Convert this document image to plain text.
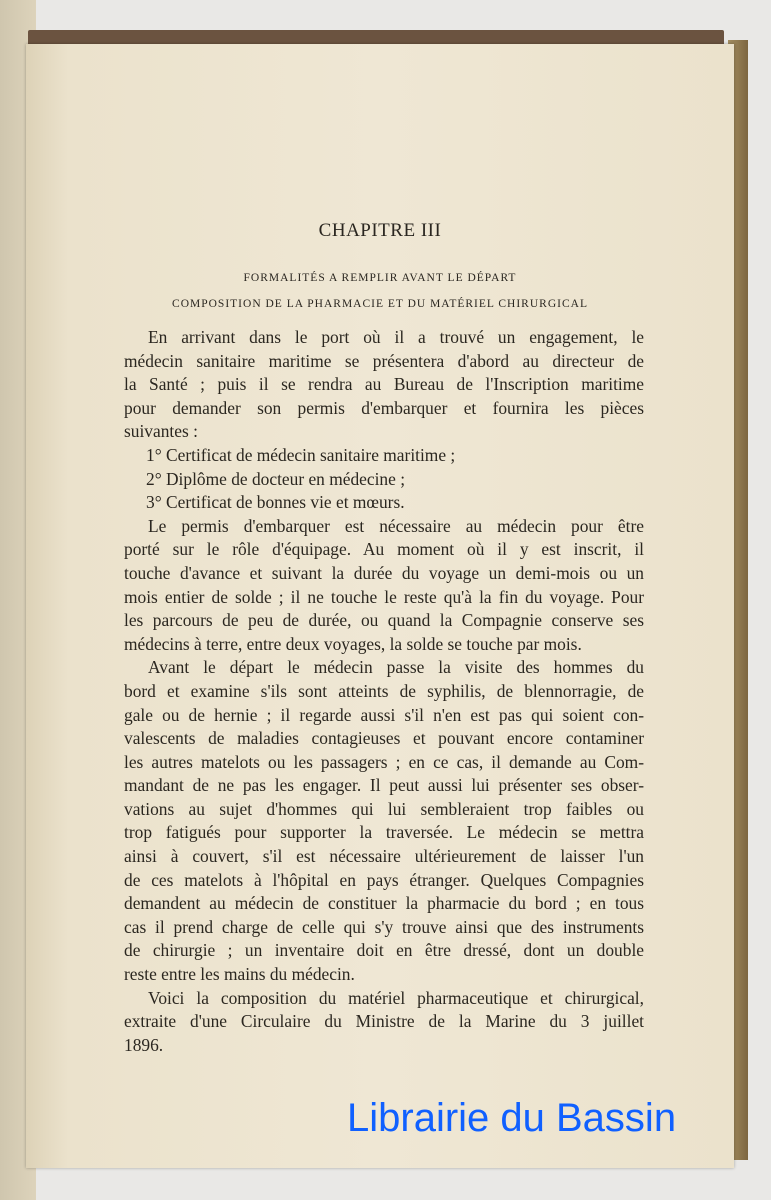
CHAPITRE III
FORMALITÉS A REMPLIR AVANT LE DÉPART
COMPOSITION DE LA PHARMACIE ET DU MATÉRIEL CHIRURGICAL
En arrivant dans le port où il a trouvé un engagement, le
médecin sanitaire maritime se présentera d'abord au directeur de
la Santé ; puis il se rendra au Bureau de l'Inscription maritime
pour demander son permis d'embarquer et fournira les pièces
suivantes :
1° Certificat de médecin sanitaire maritime ;
2° Diplôme de docteur en médecine ;
3° Certificat de bonnes vie et mœurs.
Le permis d'embarquer est nécessaire au médecin pour être
porté sur le rôle d'équipage. Au moment où il y est inscrit, il
touche d'avance et suivant la durée du voyage un demi-mois ou un
mois entier de solde ; il ne touche le reste qu'à la fin du voyage. Pour
les parcours de peu de durée, ou quand la Compagnie conserve ses
médecins à terre, entre deux voyages, la solde se touche par mois.
Avant le départ le médecin passe la visite des hommes du
bord et examine s'ils sont atteints de syphilis, de blennorragie, de
gale ou de hernie ; il regarde aussi s'il n'en est pas qui soient con-
valescents de maladies contagieuses et pouvant encore contaminer
les autres matelots ou les passagers ; en ce cas, il demande au Com-
mandant de ne pas les engager. Il peut aussi lui présenter ses obser-
vations au sujet d'hommes qui lui sembleraient trop faibles ou
trop fatigués pour supporter la traversée. Le médecin se mettra
ainsi à couvert, s'il est nécessaire ultérieurement de laisser l'un
de ces matelots à l'hôpital en pays étranger. Quelques Compagnies
demandent au médecin de constituer la pharmacie du bord ; en tous
cas il prend charge de celle qui s'y trouve ainsi que des instruments
de chirurgie ; un inventaire doit en être dressé, dont un double
reste entre les mains du médecin.
Voici la composition du matériel pharmaceutique et chirurgical,
extraite d'une Circulaire du Ministre de la Marine du 3 juillet
1896.
Librairie du Bassin
